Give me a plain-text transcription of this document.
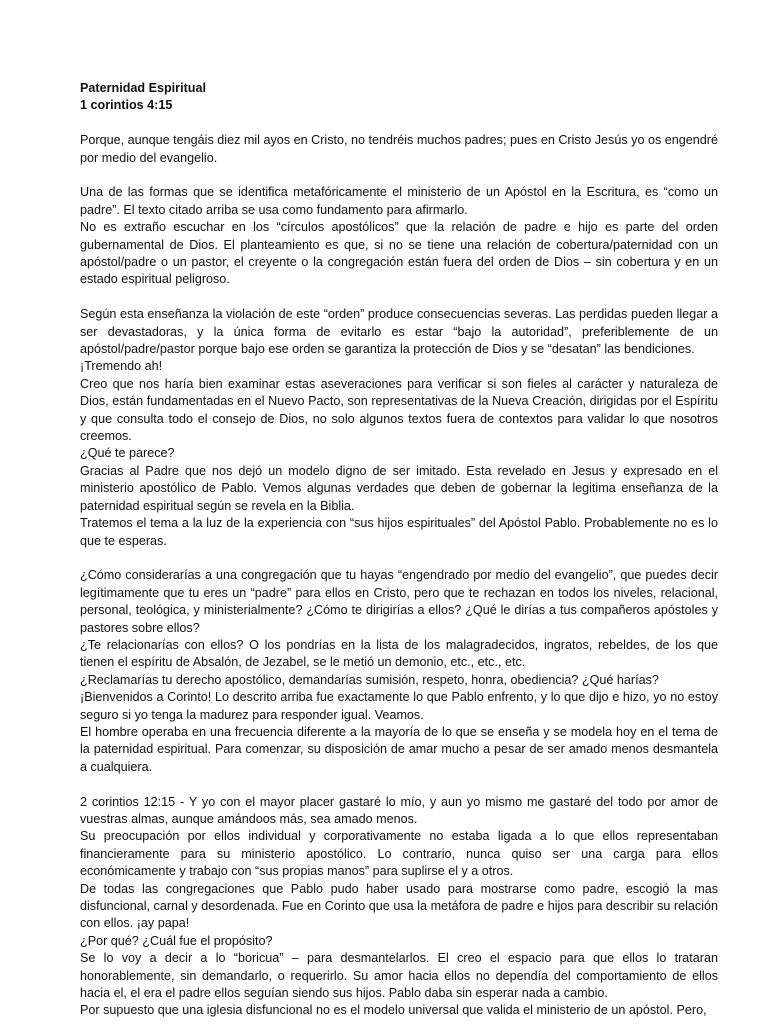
Paternidad Espiritual
1 corintios 4:15

Porque, aunque tengáis diez mil ayos en Cristo, no tendréis muchos padres; pues en Cristo Jesús yo os engendré por medio del evangelio.

Una de las formas que se identifica metafóricamente el ministerio de un Apóstol en la Escritura, es “como un padre”. El texto citado arriba se usa como fundamento para afirmarlo.

No es extraño escuchar en los “círculos apostólicos” que la relación de padre e hijo es parte del orden gubernamental de Dios. El planteamiento es que, si no se tiene una relación de cobertura/paternidad con un apóstol/padre o un pastor, el creyente o la congregación están fuera del orden de Dios – sin cobertura y en un estado espiritual peligroso.

Según esta enseñanza la violación de este “orden” produce consecuencias severas. Las perdidas pueden llegar a ser devastadoras, y la única forma de evitarlo es estar “bajo la autoridad”, preferiblemente de un apóstol/padre/pastor porque bajo ese orden se garantiza la protección de Dios y se “desatan” las bendiciones.

¡Tremendo ah!

Creo que nos haría bien examinar estas aseveraciones para verificar si son fieles al carácter y naturaleza de Dios, están fundamentadas en el Nuevo Pacto, son representativas de la Nueva Creación, dirigidas por el Espíritu y que consulta todo el consejo de Dios, no solo algunos textos fuera de contextos para validar lo que nosotros creemos.

¿Qué te parece?

Gracias al Padre que nos dejó un modelo digno de ser imitado. Esta revelado en Jesus y expresado en el ministerio apostólico de Pablo. Vemos algunas verdades que deben de gobernar la legitima enseñanza de la paternidad espiritual según se revela en la Biblia.

Tratemos el tema a la luz de la experiencia con “sus hijos espirituales” del Apóstol Pablo. Probablemente no es lo que te esperas.

¿Cómo considerarías a una congregación que tu hayas “engendrado por medio del evangelio”, que puedes decir legítimamente que tu eres un “padre” para ellos en Cristo, pero que te rechazan en todos los niveles, relacional, personal, teológica, y ministerialmente? ¿Cómo te dirigirías a ellos? ¿Qué le dirías a tus compañeros apóstoles y pastores sobre ellos?

¿Te relacionarías con ellos? O los pondrías en la lista de los malagradecidos, ingratos, rebeldes, de los que tienen el espíritu de Absalón, de Jezabel, se le metió un demonio, etc., etc., etc.

¿Reclamarías tu derecho apostólico, demandarías sumisión, respeto, honra, obediencia? ¿Qué harías?

¡Bienvenidos a Corinto! Lo descrito arriba fue exactamente lo que Pablo enfrento, y lo que dijo e hizo, yo no estoy seguro si yo tenga la madurez para responder igual. Veamos.

El hombre operaba en una frecuencia diferente a la mayoría de lo que se enseña y se modela hoy en el tema de la paternidad espiritual. Para comenzar, su disposición de amar mucho a pesar de ser amado menos desmantela a cualquiera.

2 corintios 12:15 - Y yo con el mayor placer gastaré lo mío, y aun yo mismo me gastaré del todo por amor de vuestras almas, aunque amándoos más, sea amado menos.

Su preocupación por ellos individual y corporativamente no estaba ligada a lo que ellos representaban financieramente para su ministerio apostólico. Lo contrario, nunca quiso ser una carga para ellos económicamente y trabajo con “sus propias manos” para suplirse el y a otros.

De todas las congregaciones que Pablo pudo haber usado para mostrarse como padre, escogió la mas disfuncional, carnal y desordenada. Fue en Corinto que usa la metáfora de padre e hijos para describir su relación con ellos. ¡ay papa!

¿Por qué? ¿Cuál fue el propósito?

Se lo voy a decir a lo “boricua” – para desmantelarlos. El creo el espacio para que ellos lo trataran honorablemente, sin demandarlo, o requerirlo. Su amor hacia ellos no dependía del comportamiento de ellos hacia el, el era el padre ellos seguían siendo sus hijos. Pablo daba sin esperar nada a cambio.

Por supuesto que una iglesia disfuncional no es el modelo universal que valida el ministerio de un apóstol. Pero,
